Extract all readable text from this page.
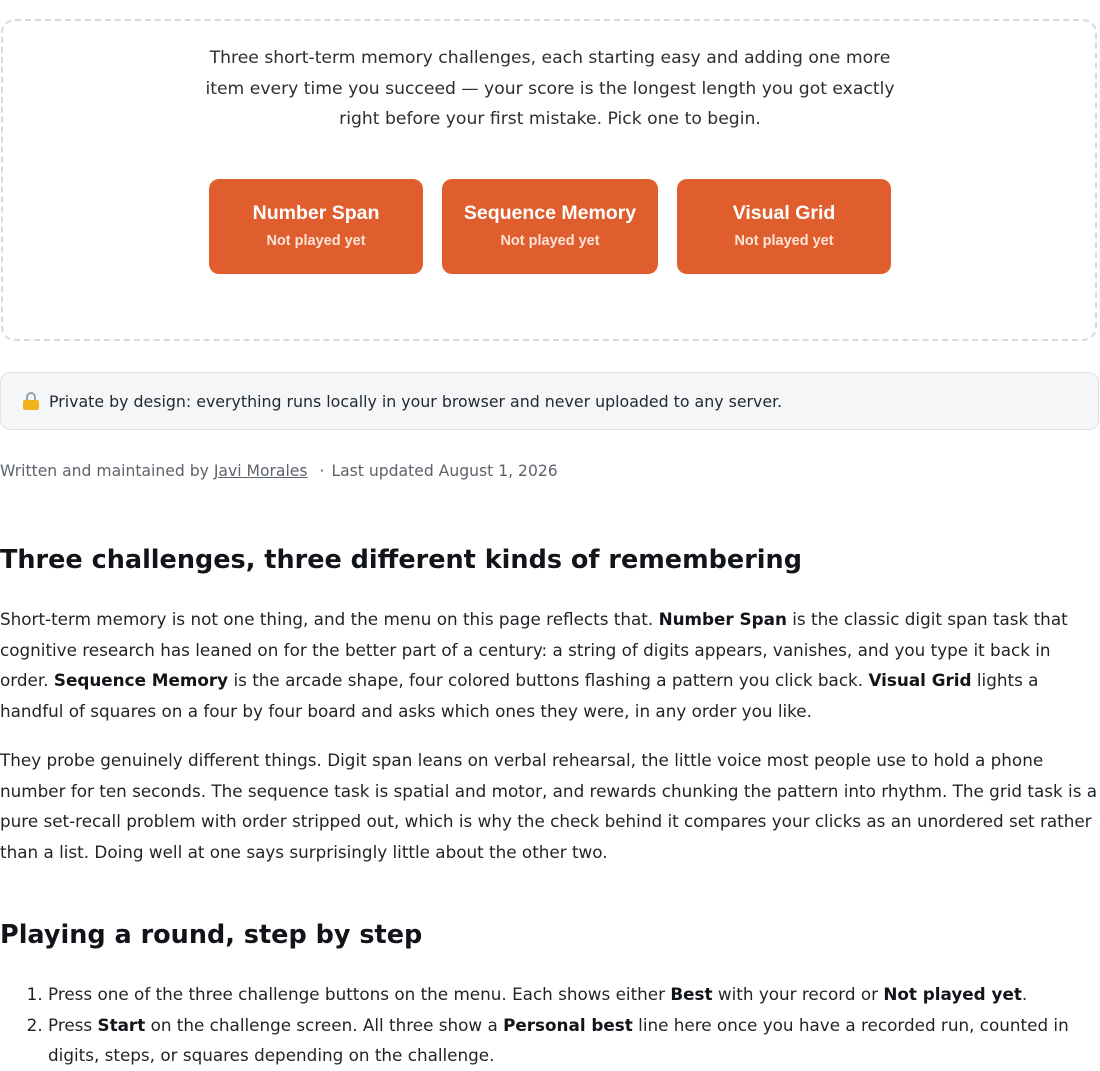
Three short-term memory challenges, each starting easy and adding one more item every time you succeed — your score is the longest length you got exactly right before your first mistake. Pick one to begin.

Number Span
Not played yet
Sequence Memory
Not played yet
Visual Grid
Not played yet
Private by design: everything runs locally in your browser and never uploaded to any server.
Written and maintained by Javi Morales · Last updated August 1, 2026
Three challenges, three different kinds of remembering

Short-term memory is not one thing, and the menu on this page reflects that. Number Span is the classic digit span task that cognitive research has leaned on for the better part of a century: a string of digits appears, vanishes, and you type it back in order. Sequence Memory is the arcade shape, four colored buttons flashing a pattern you click back. Visual Grid lights a handful of squares on a four by four board and asks which ones they were, in any order you like.

They probe genuinely different things. Digit span leans on verbal rehearsal, the little voice most people use to hold a phone number for ten seconds. The sequence task is spatial and motor, and rewards chunking the pattern into rhythm. The grid task is a pure set-recall problem with order stripped out, which is why the check behind it compares your clicks as an unordered set rather than a list. Doing well at one says surprisingly little about the other two.

Playing a round, step by step
1. Press one of the three challenge buttons on the menu. Each shows either Best with your record or Not played yet.
2. Press Start on the challenge screen. All three show a Personal best line here once you have a recorded run, counted in digits, steps, or squares depending on the challenge.
